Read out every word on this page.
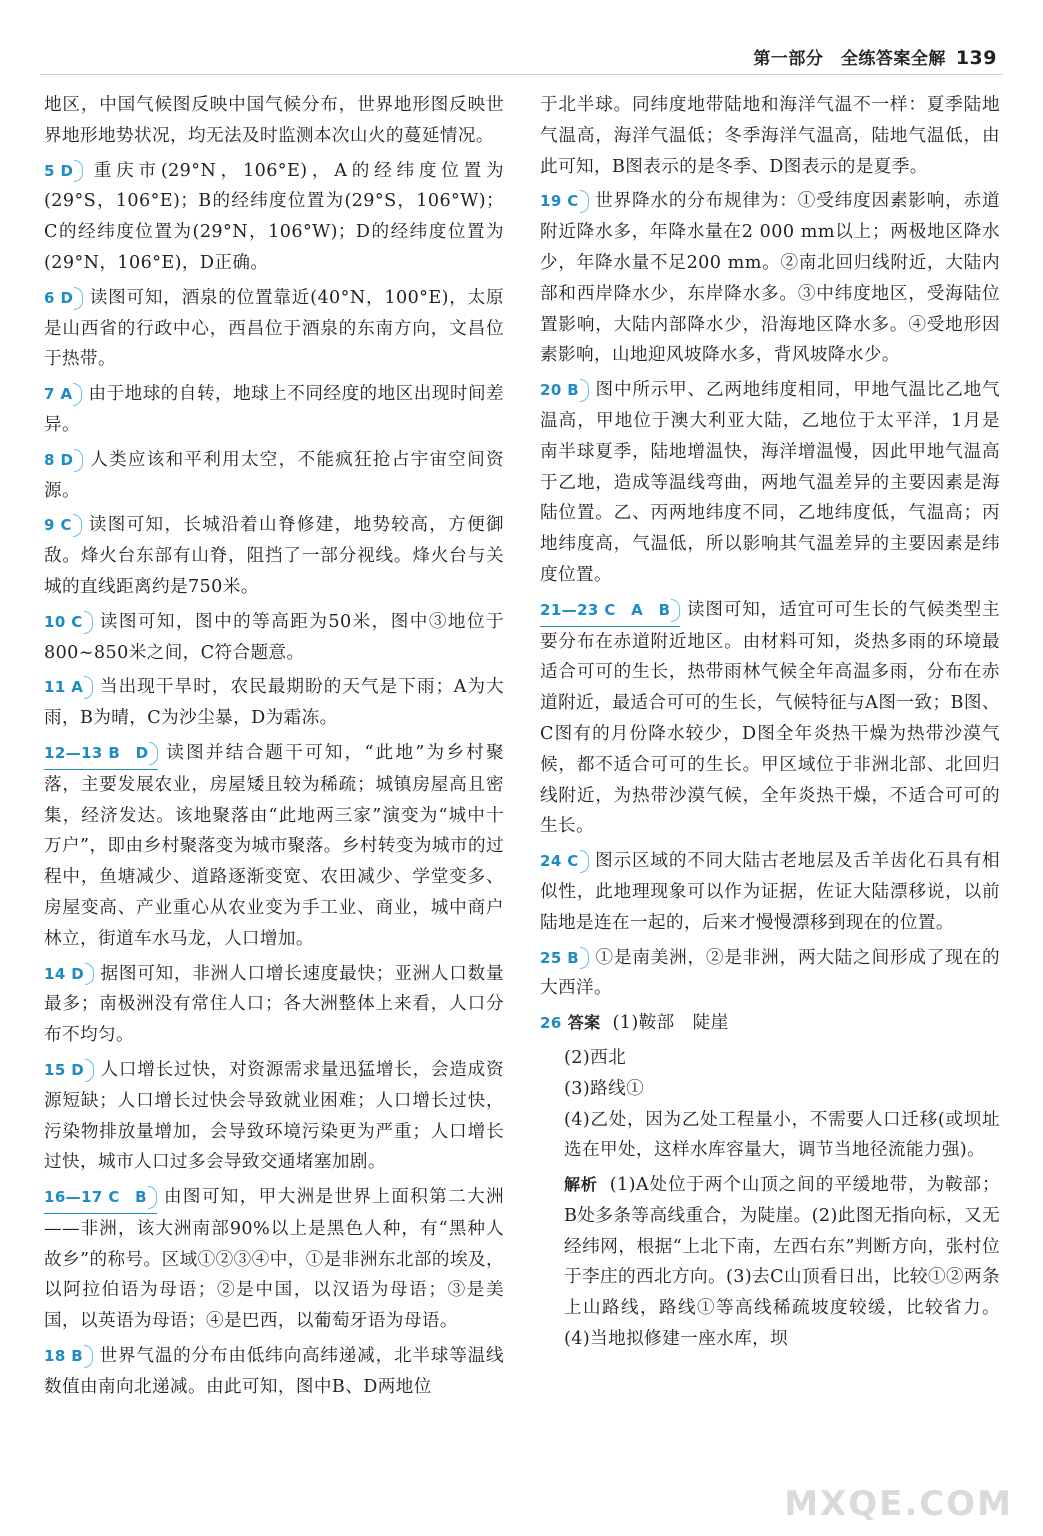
第一部分　全练答案全解 139
地区，中国气候图反映中国气候分布，世界地形图反映世界地形地势状况，均无法及时监测本次山火的蔓延情况。
5 D 重庆市(29°N，106°E)，A的经纬度位置为(29°S，106°E)；B的经纬度位置为(29°S，106°W)；C的经纬度位置为(29°N，106°W)；D的经纬度位置为(29°N，106°E)，D正确。
6 D 读图可知，酒泉的位置靠近(40°N，100°E)，太原是山西省的行政中心，西昌位于酒泉的东南方向，文昌位于热带。
7 A 由于地球的自转，地球上不同经度的地区出现时间差异。
8 D 人类应该和平利用太空，不能疯狂抢占宇宙空间资源。
9 C 读图可知，长城沿着山脊修建，地势较高，方便御敌。烽火台东部有山脊，阻挡了一部分视线。烽火台与关城的直线距离约是750米。
10 C 读图可知，图中的等高距为50米，图中③地位于800~850米之间，C符合题意。
11 A 当出现干旱时，农民最期盼的天气是下雨；A为大雨，B为晴，C为沙尘暴，D为霜冻。
12—13 B　D 读图并结合题干可知，“此地”为乡村聚落，主要发展农业，房屋矮且较为稀疏；城镇房屋高且密集，经济发达。该地聚落由“此地两三家”演变为“城中十万户”，即由乡村聚落变为城市聚落。乡村转变为城市的过程中，鱼塘减少、道路逐渐变宽、农田减少、学堂变多、房屋变高、产业重心从农业变为手工业、商业，城中商户林立，街道车水马龙，人口增加。
14 D 据图可知，非洲人口增长速度最快；亚洲人口数量最多；南极洲没有常住人口；各大洲整体上来看，人口分布不均匀。
15 D 人口增长过快，对资源需求量迅猛增长，会造成资源短缺；人口增长过快会导致就业困难；人口增长过快，污染物排放量增加，会导致环境污染更为严重；人口增长过快，城市人口过多会导致交通堵塞加剧。
16—17 C　B 由图可知，甲大洲是世界上面积第二大洲——非洲，该大洲南部90%以上是黑色人种，有“黑种人故乡”的称号。区域①②③④中，①是非洲东北部的埃及，以阿拉伯语为母语；②是中国，以汉语为母语；③是美国，以英语为母语；④是巴西，以葡萄牙语为母语。
18 B 世界气温的分布由低纬向高纬递减，北半球等温线数值由南向北递减。由此可知，图中B、D两地位
于北半球。同纬度地带陆地和海洋气温不一样：夏季陆地气温高，海洋气温低；冬季海洋气温高，陆地气温低，由此可知，B图表示的是冬季、D图表示的是夏季。
19 C 世界降水的分布规律为：①受纬度因素影响，赤道附近降水多，年降水量在2 000 mm以上；两极地区降水少，年降水量不足200 mm。②南北回归线附近，大陆内部和西岸降水少，东岸降水多。③中纬度地区，受海陆位置影响，大陆内部降水少，沿海地区降水多。④受地形因素影响，山地迎风坡降水多，背风坡降水少。
20 B 图中所示甲、乙两地纬度相同，甲地气温比乙地气温高，甲地位于澳大利亚大陆，乙地位于太平洋，1月是南半球夏季，陆地增温快，海洋增温慢，因此甲地气温高于乙地，造成等温线弯曲，两地气温差异的主要因素是海陆位置。乙、丙两地纬度不同，乙地纬度低，气温高；丙地纬度高，气温低，所以影响其气温差异的主要因素是纬度位置。
21—23 C　A　B 读图可知，适宜可可生长的气候类型主要分布在赤道附近地区。由材料可知，炎热多雨的环境最适合可可的生长，热带雨林气候全年高温多雨，分布在赤道附近，最适合可可的生长，气候特征与A图一致；B图、C图有的月份降水较少，D图全年炎热干燥为热带沙漠气候，都不适合可可的生长。甲区域位于非洲北部、北回归线附近，为热带沙漠气候，全年炎热干燥，不适合可可的生长。
24 C 图示区域的不同大陆古老地层及舌羊齿化石具有相似性，此地理现象可以作为证据，佐证大陆漂移说，以前陆地是连在一起的，后来才慢慢漂移到现在的位置。
25 B ①是南美洲，②是非洲，两大陆之间形成了现在的大西洋。
26 答案 (1)鞍部　陡崖
(2)西北
(3)路线①
(4)乙处，因为乙处工程量小，不需要人口迁移(或坝址选在甲处，这样水库容量大，调节当地径流能力强)。
解析 (1)A处位于两个山顶之间的平缓地带，为鞍部；B处多条等高线重合，为陡崖。(2)此图无指向标，又无经纬网，根据“上北下南，左西右东”判断方向，张村位于李庄的西北方向。(3)去C山顶看日出，比较①②两条上山路线，路线①等高线稀疏坡度较缓，比较省力。(4)当地拟修建一座水库，坝
MXQE.COM
